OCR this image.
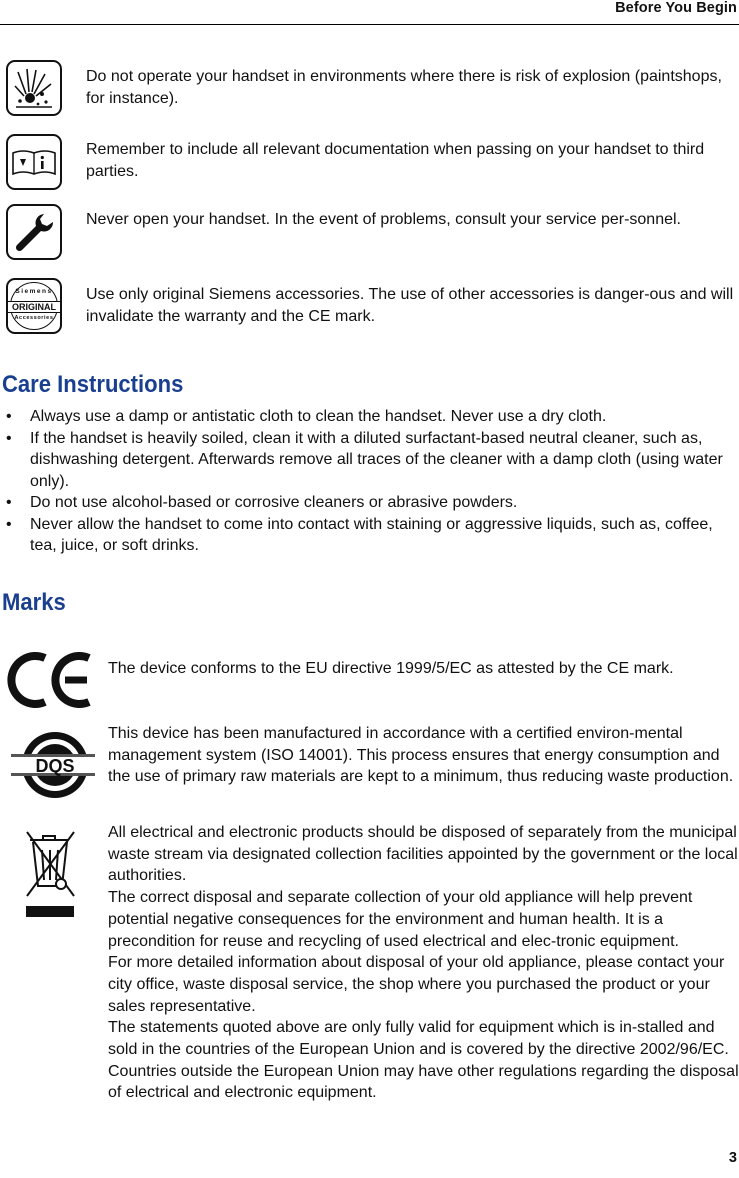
Before You Begin
Do not operate your handset in environments where there is risk of explosion (paintshops, for instance).
Remember to include all relevant documentation when passing on your handset to third parties.
Never open your handset. In the event of problems, consult your service per-sonnel.
Siemens
ORIGINAL
Accessories
Use only original Siemens accessories. The use of other accessories is danger-ous and will invalidate the warranty and the CE mark.
Care Instructions
• Always use a damp or antistatic cloth to clean the handset. Never use a dry cloth.
• If the handset is heavily soiled, clean it with a diluted surfactant-based neutral cleaner, such as, dishwashing detergent. Afterwards remove all traces of the cleaner with a damp cloth (using water only).
• Do not use alcohol-based or corrosive cleaners or abrasive powders.
• Never allow the handset to come into contact with staining or aggressive liquids, such as, coffee, tea, juice, or soft drinks.
Marks
The device conforms to the EU directive 1999/5/EC as attested by the CE mark.
DQS
This device has been manufactured in accordance with a certified environ-mental management system (ISO 14001). This process ensures that energy consumption and the use of primary raw materials are kept to a minimum, thus reducing waste production.
All electrical and electronic products should be disposed of separately from the municipal waste stream via designated collection facilities appointed by the government or the local authorities.
The correct disposal and separate collection of your old appliance will help prevent potential negative consequences for the environment and human health. It is a precondition for reuse and recycling of used electrical and elec-tronic equipment.
For more detailed information about disposal of your old appliance, please contact your city office, waste disposal service, the shop where you purchased the product or your sales representative.
The statements quoted above are only fully valid for equipment which is in-stalled and sold in the countries of the European Union and is covered by the directive 2002/96/EC. Countries outside the European Union may have other regulations regarding the disposal of electrical and electronic equipment.
3
